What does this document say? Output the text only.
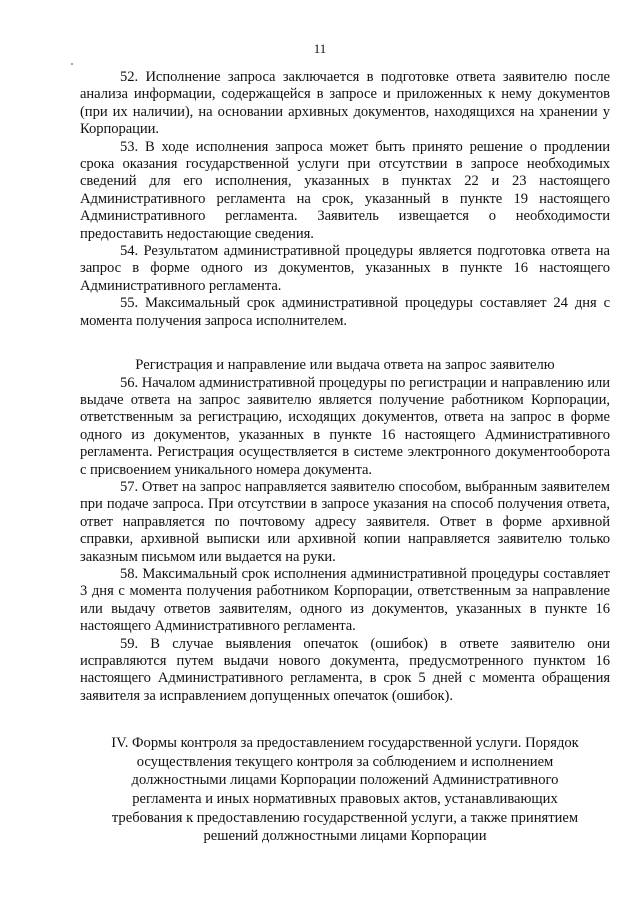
11

52. Исполнение запроса заключается в подготовке ответа заявителю после анализа информации, содержащейся в запросе и приложенных к нему документов (при их наличии), на основании архивных документов, находящихся на хранении у Корпорации.

53. В ходе исполнения запроса может быть принято решение о продлении срока оказания государственной услуги при отсутствии в запросе необходимых сведений для его исполнения, указанных в пунктах 22 и 23 настоящего Административного регламента на срок, указанный в пункте 19 настоящего Административного регламента. Заявитель извещается о необходимости предоставить недостающие сведения.

54. Результатом административной процедуры является подготовка ответа на запрос в форме одного из документов, указанных в пункте 16 настоящего Административного регламента.

55. Максимальный срок административной процедуры составляет 24 дня с момента получения запроса исполнителем.

Регистрация и направление или выдача ответа на запрос заявителю

56. Началом административной процедуры по регистрации и направлению или выдаче ответа на запрос заявителю является получение работником Корпорации, ответственным за регистрацию, исходящих документов, ответа на запрос в форме одного из документов, указанных в пункте 16 настоящего Административного регламента. Регистрация осуществляется в системе электронного документооборота с присвоением уникального номера документа.

57. Ответ на запрос направляется заявителю способом, выбранным заявителем при подаче запроса. При отсутствии в запросе указания на способ получения ответа, ответ направляется по почтовому адресу заявителя. Ответ в форме архивной справки, архивной выписки или архивной копии направляется заявителю только заказным письмом или выдается на руки.

58. Максимальный срок исполнения административной процедуры составляет 3 дня с момента получения работником Корпорации, ответственным за направление или выдачу ответов заявителям, одного из документов, указанных в пункте 16 настоящего Административного регламента.

59. В случае выявления опечаток (ошибок) в ответе заявителю они исправляются путем выдачи нового документа, предусмотренного пунктом 16 настоящего Административного регламента, в срок 5 дней с момента обращения заявителя за исправлением допущенных опечаток (ошибок).

IV. Формы контроля за предоставлением государственной услуги. Порядок осуществления текущего контроля за соблюдением и исполнением должностными лицами Корпорации положений Административного регламента и иных нормативных правовых актов, устанавливающих требования к предоставлению государственной услуги, а также принятием решений должностными лицами Корпорации
